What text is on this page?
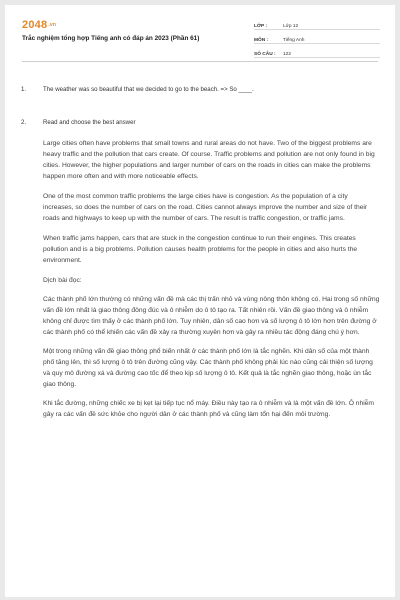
2048.vn
Trắc nghiệm tổng hợp Tiếng anh có đáp án 2023 (Phần 61)
LỚP :	Lớp 12
MÔN :	Tiếng Anh
SỐ CÂU :	122
1.	The weather was so beautiful that we decided to go to the beach. => So ____.
2.	Read and choose the best answer

Large cities often have problems that small towns and rural areas do not have. Two of the biggest problems are heavy traffic and the pollution that cars create. Of course. Traffic problems and pollution are not only found in big cities. However, the higher populations and larger number of cars on the roads in cities can make the problems happen more often and with more noticeable effects.

One of the most common traffic problems the large cities have is congestion. As the population of a city increases, so does the number of cars on the road. Cities cannot always improve the number and size of their roads and highways to keep up with the number of cars. The result is traffic congestion, or traffic jams.

When traffic jams happen, cars that are stuck in the congestion continue to run their engines. This creates pollution and is a big problems. Pollution causes health problems for the people in cities and also hurts the environment.

Dịch bài đọc:

Các thành phố lớn thường có những vấn đề mà các thị trấn nhỏ và vùng nông thôn không có. Hai trong số những vấn đề lớn nhất là giao thông đông đúc và ô nhiễm do ô tô tạo ra. Tất nhiên rồi. Vấn đề giao thông và ô nhiễm không chỉ được tìm thấy ở các thành phố lớn. Tuy nhiên, dân số cao hơn và số lượng ô tô lớn hơn trên đường ở các thành phố có thể khiến các vấn đề xảy ra thường xuyên hơn và gây ra nhiều tác động đáng chú ý hơn.

Một trong những vấn đề giao thông phổ biến nhất ở các thành phố lớn là tắc nghẽn. Khi dân số của một thành phố tăng lên, thì số lượng ô tô trên đường cũng vậy. Các thành phố không phải lúc nào cũng cải thiện số lượng và quy mô đường xá và đường cao tốc để theo kịp số lượng ô tô. Kết quả là tắc nghẽn giao thông, hoặc ùn tắc giao thông.

Khi tắc đường, những chiếc xe bị kẹt lại tiếp tục nổ máy. Điều này tạo ra ô nhiễm và là một vấn đề lớn. Ô nhiễm gây ra các vấn đề sức khỏe cho người dân ở các thành phố và cũng làm tổn hại đến môi trường.
